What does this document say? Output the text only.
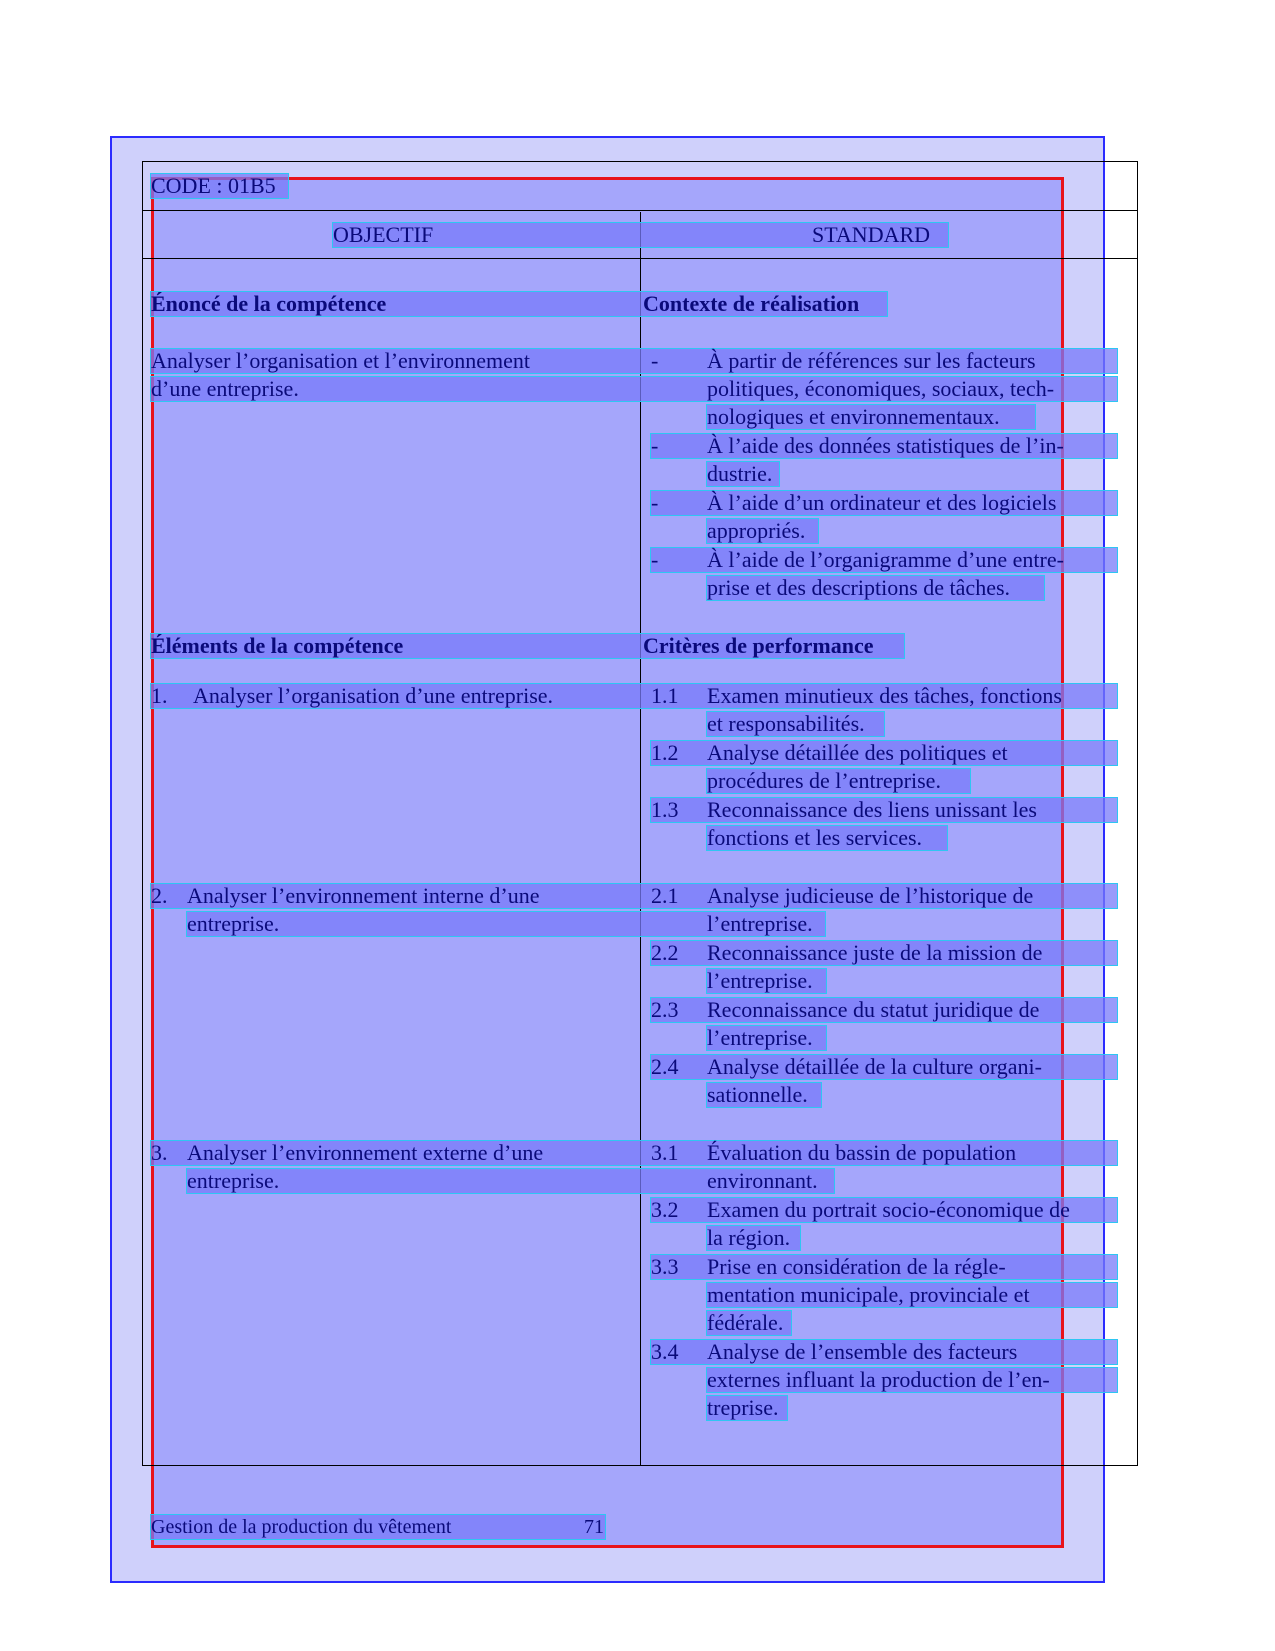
CODE : 01B5
OBJECTIF	STANDARD
Énoncé de la compétence
Analyser l’organisation et l’environnement
d’une entreprise.
Éléments de la compétence
1. Analyser l’organisation d’une entreprise.
2. Analyser l’environnement interne d’une
entreprise.
3. Analyser l’environnement externe d’une
entreprise.
Contexte de réalisation
- À partir de références sur les facteurs
politiques, économiques, sociaux, tech-
nologiques et environnementaux.
- À l’aide des données statistiques de l’in-
dustrie.
- À l’aide d’un ordinateur et des logiciels
appropriés.
- À l’aide de l’organigramme d’une entre-
prise et des descriptions de tâches.
Critères de performance
1.1 Examen minutieux des tâches, fonctions
et responsabilités.
1.2 Analyse détaillée des politiques et
procédures de l’entreprise.
1.3 Reconnaissance des liens unissant les
fonctions et les services.
2.1 Analyse judicieuse de l’historique de
l’entreprise.
2.2 Reconnaissance juste de la mission de
l’entreprise.
2.3 Reconnaissance du statut juridique de
l’entreprise.
2.4 Analyse détaillée de la culture organi-
sationnelle.
3.1 Évaluation du bassin de population
environnant.
3.2 Examen du portrait socio-économique de
la région.
3.3 Prise en considération de la régle-
mentation municipale, provinciale et
fédérale.
3.4 Analyse de l’ensemble des facteurs
externes influant la production de l’en-
treprise.
Gestion de la production du vêtement	71
